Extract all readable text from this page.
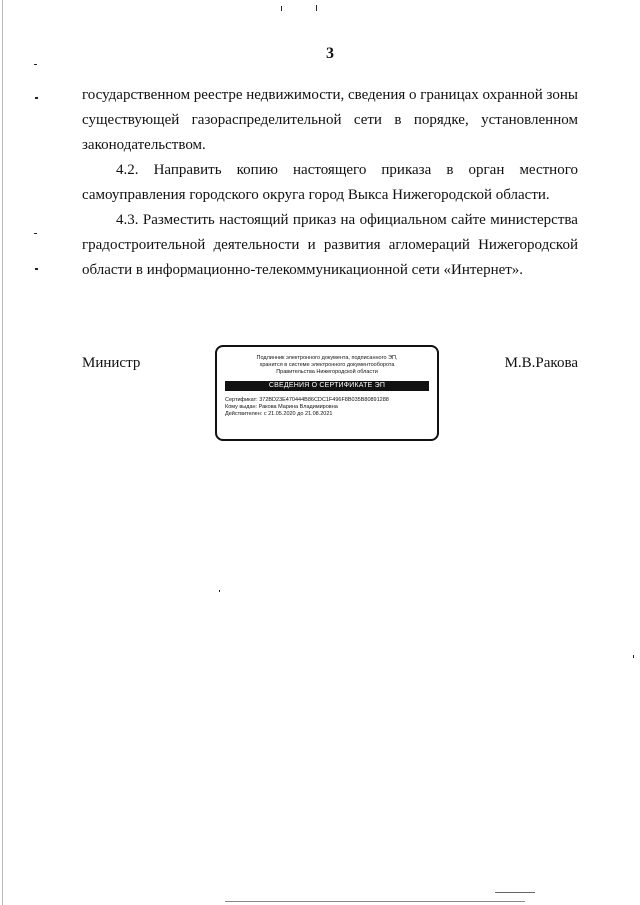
3
государственном реестре недвижимости, сведения о границах охранной зоны
существующей газораспределительной сети в порядке, установленном
законодательством.
4.2. Направить копию настоящего приказа в орган местного
самоуправления городского округа город Выкса Нижегородской области.
4.3. Разместить настоящий приказ на официальном сайте министерства
градостроительной деятельности и развития агломераций Нижегородской
области в информационно-телекоммуникационной сети «Интернет».
Министр	Подлинник электронного документа, подписанного ЭП,
хранится в системе электронного документооборота
Правительства Нижегородской области
СВЕДЕНИЯ О СЕРТИФИКАТЕ ЭП
Сертификат: 372BD23E470444B86CDC1F496F8B035B80891288
Кому выдан: Ракова Марина Владимировна
Действителен: с 21.05.2020 до 21.08.2021
М.В.Ракова
